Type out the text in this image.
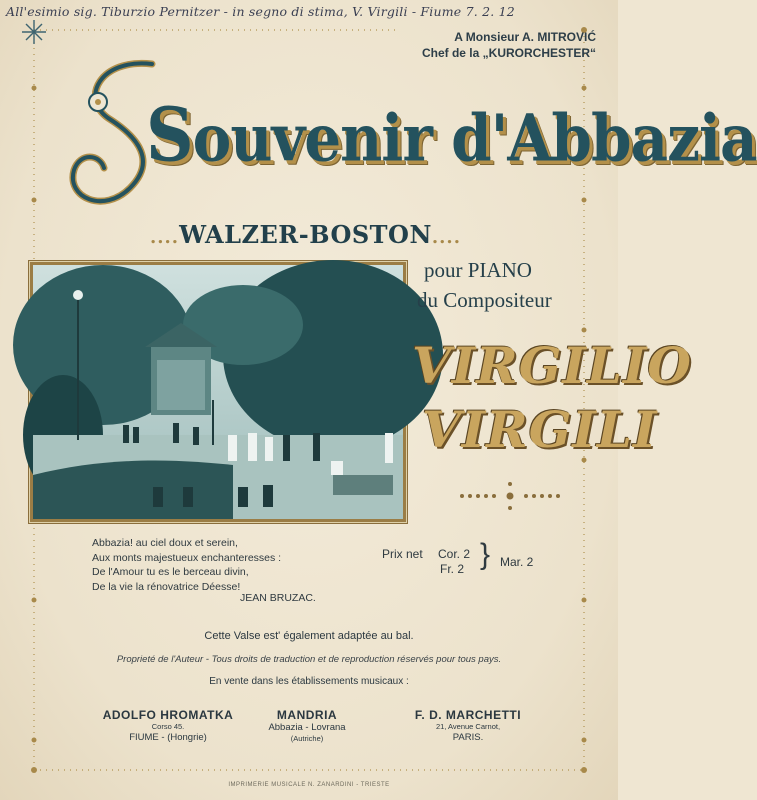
All'esimio sig. Tiburzio Pernitzer - in segno di stima, V. Virgili - Fiume 7. 2. 12
A Monsieur A. MITROVIĆ
Chef de la „KURORCHESTER“
Souvenir d'Abbazia
....WALZER-BOSTON....
pour PIANO
du Compositeur
VIRGILIO
VIRGILI
Abbazia! au ciel doux et serein,
Aux monts majestueux enchanteresses :
De l'Amour tu es le berceau divin,
De la vie la rénovatrice Déesse!
JEAN BRUZAC.
Prix net Cor. 2
Fr. 2 } Mar. 2
Cette Valse est' également adaptée au bal.
Proprieté de l'Auteur - Tous droits de traduction et de reproduction réservés pour tous pays.
En vente dans les établissements musicaux :
ADOLFO HROMATKA
Corso 45.
FIUME - (Hongrie)
MANDRIA
Abbazia - Lovrana
(Autriche)
F. D. MARCHETTI
21, Avenue Carnot,
PARIS.
IMPRIMERIE MUSICALE N. ZANARDINI - TRIESTE
